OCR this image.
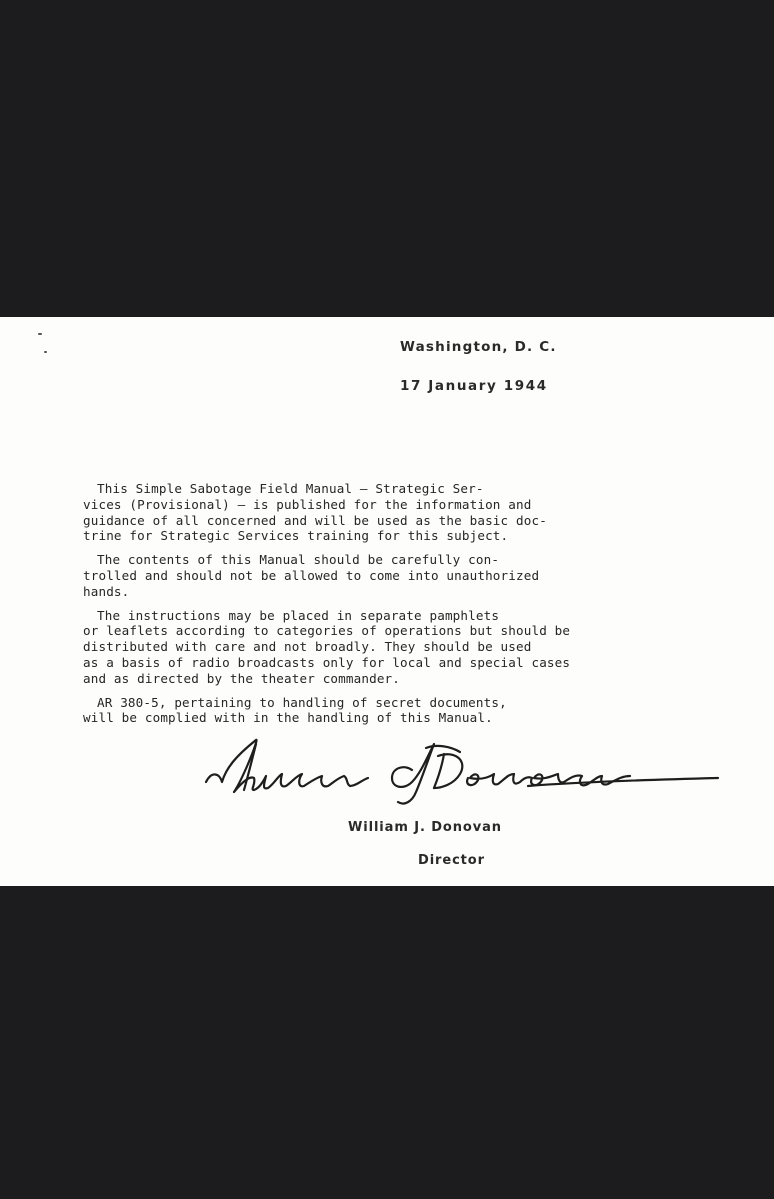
Washington, D. C.
17 January 1944
This Simple Sabotage Field Manual — Strategic Ser-
vices (Provisional) — is published for the information and
guidance of all concerned and will be used as the basic doc-
trine for Strategic Services training for this subject.
The contents of this Manual should be carefully con-
trolled and should not be allowed to come into unauthorized
hands.
The instructions may be placed in separate pamphlets
or leaflets according to categories of operations but should be
distributed with care and not broadly. They should be used
as a basis of radio broadcasts only for local and special cases
and as directed by the theater commander.
AR 380-5, pertaining to handling of secret documents,
will be complied with in the handling of this Manual.
William J. Donovan
Director
